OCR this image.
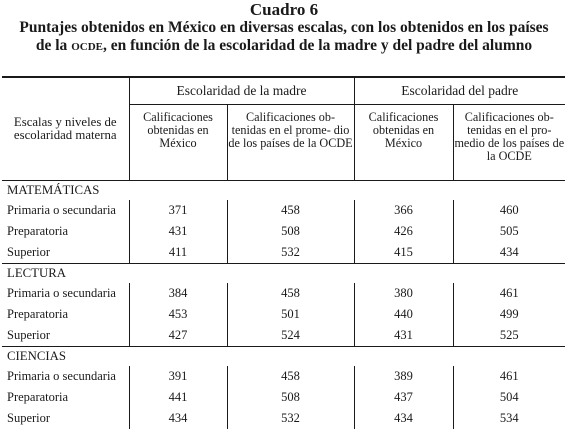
Cuadro 6
Puntajes obtenidos en México en diversas escalas, con los obtenidos en los países
de la ocde, en función de la escolaridad de la madre y del padre del alumno
Escalas y niveles de escolaridad materna	Escolaridad de la madre		Escolaridad del padre	
	Calificaciones obtenidas en México	Calificaciones ob- tenidas en el prome- dio de los países de la OCDE	Calificaciones obtenidas en México	Calificaciones ob- tenidas en el pro- medio de los países de la OCDE
MATEMÁTICAS				
Primaria o secundaria	371	458	366	460
Preparatoria	431	508	426	505
Superior	411	532	415	434
LECTURA				
Primaria o secundaria	384	458	380	461
Preparatoria	453	501	440	499
Superior	427	524	431	525
CIENCIAS				
Primaria o secundaria	391	458	389	461
Preparatoria	441	508	437	504
Superior	434	532	434	534
